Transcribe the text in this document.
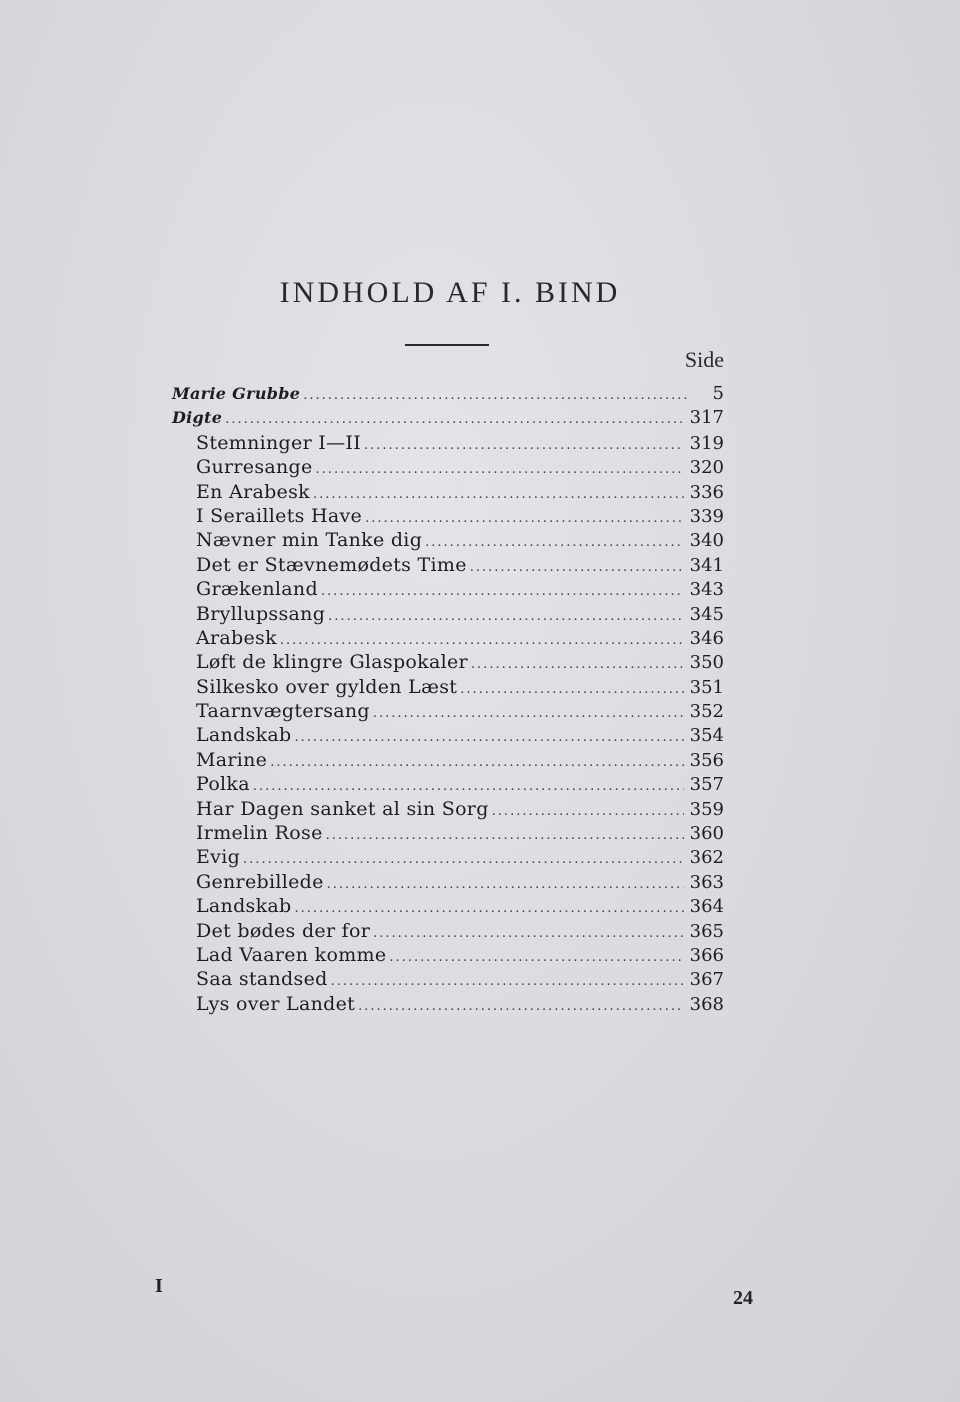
INDHOLD AF I. BIND
Side
Marie Grubbe .....	5
Digte .....	317
Stemninger I—II .....	319
Gurresange .....	320
En Arabesk .....	336
I Seraillets Have .....	339
Nævner min Tanke dig .....	340
Det er Stævnemødets Time .....	341
Grækenland .....	343
Bryllupssang .....	345
Arabesk .....	346
Løft de klingre Glaspokaler .....	350
Silkesko over gylden Læst .....	351
Taarnvægtersang .....	352
Landskab .....	354
Marine .....	356
Polka .....	357
Har Dagen sanket al sin Sorg .....	359
Irmelin Rose .....	360
Evig .....	362
Genrebillede .....	363
Landskab .....	364
Det bødes der for .....	365
Lad Vaaren komme .....	366
Saa standsed .....	367
Lys over Landet .....	368
I
24
